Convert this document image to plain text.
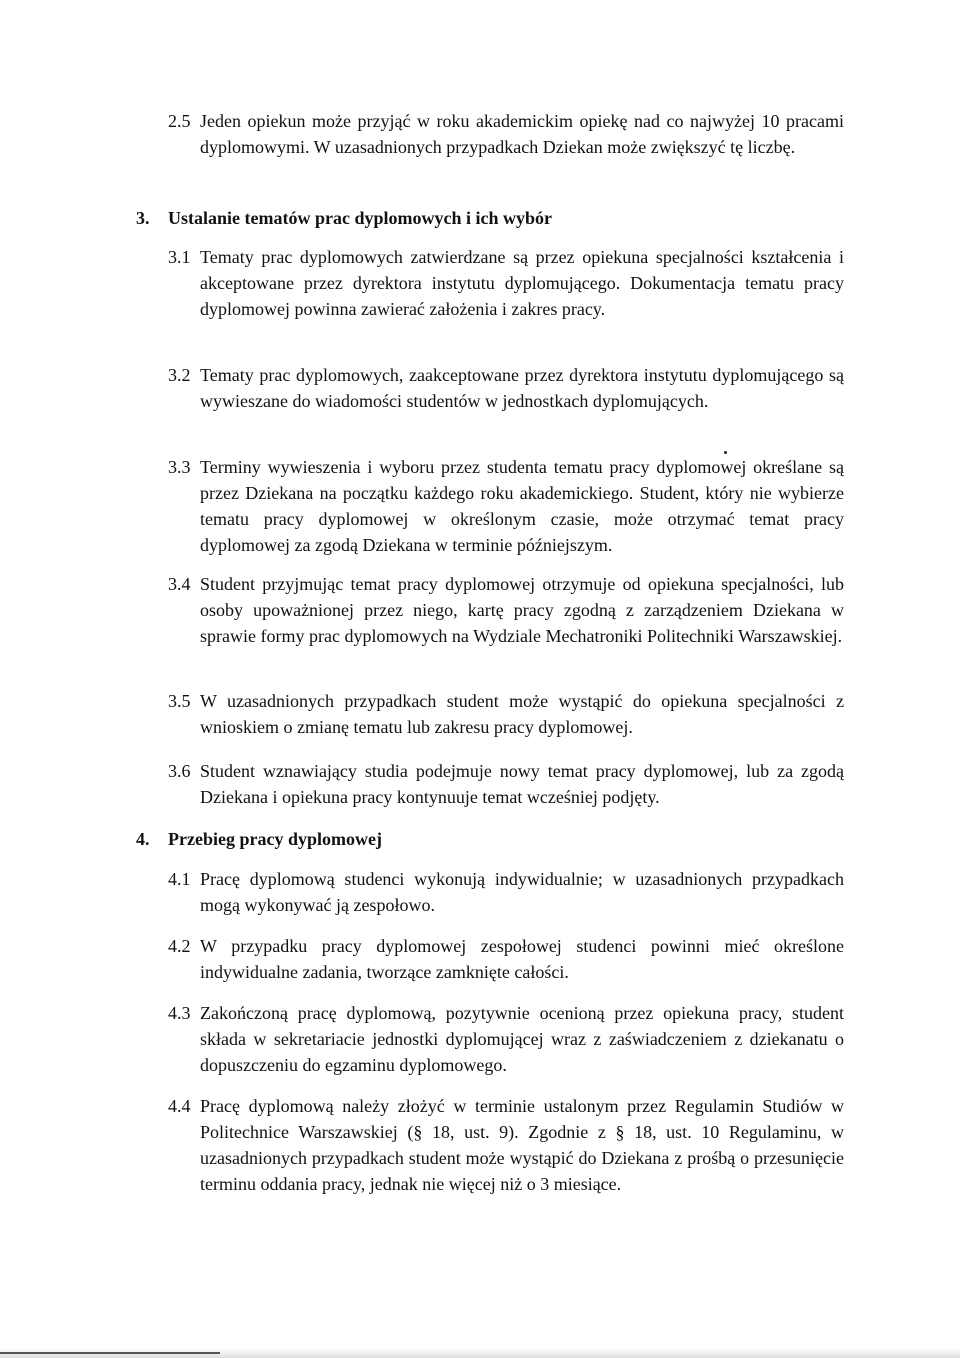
2.5 Jeden opiekun może przyjąć w roku akademickim opiekę nad co najwyżej 10 pracami dyplomowymi. W uzasadnionych przypadkach Dziekan może zwiększyć tę liczbę.

3. Ustalanie tematów prac dyplomowych i ich wybór
3.1 Tematy prac dyplomowych zatwierdzane są przez opiekuna specjalności kształcenia i akceptowane przez dyrektora instytutu dyplomującego. Dokumentacja tematu pracy dyplomowej powinna zawierać założenia i zakres pracy.

3.2 Tematy prac dyplomowych, zaakceptowane przez dyrektora instytutu dyplomującego są wywieszane do wiadomości studentów w jednostkach dyplomujących.

3.3 Terminy wywieszenia i wyboru przez studenta tematu pracy dyplomowej określane są przez Dziekana na początku każdego roku akademickiego. Student, który nie wybierze tematu pracy dyplomowej w określonym czasie, może otrzymać temat pracy dyplomowej za zgodą Dziekana w terminie późniejszym.

3.4 Student przyjmując temat pracy dyplomowej otrzymuje od opiekuna specjalności, lub osoby upoważnionej przez niego, kartę pracy zgodną z zarządzeniem Dziekana w sprawie formy prac dyplomowych na Wydziale Mechatroniki Politechniki Warszawskiej.

3.5 W uzasadnionych przypadkach student może wystąpić do opiekuna specjalności z wnioskiem o zmianę tematu lub zakresu pracy dyplomowej.

3.6 Student wznawiający studia podejmuje nowy temat pracy dyplomowej, lub za zgodą Dziekana i opiekuna pracy kontynuuje temat wcześniej podjęty.

4. Przebieg pracy dyplomowej
4.1 Pracę dyplomową studenci wykonują indywidualnie; w uzasadnionych przypadkach mogą wykonywać ją zespołowo.

4.2 W przypadku pracy dyplomowej zespołowej studenci powinni mieć określone indywidualne zadania, tworzące zamknięte całości.

4.3 Zakończoną pracę dyplomową, pozytywnie ocenioną przez opiekuna pracy, student składa w sekretariacie jednostki dyplomującej wraz z zaświadczeniem z dziekanatu o dopuszczeniu do egzaminu dyplomowego.

4.4 Pracę dyplomową należy złożyć w terminie ustalonym przez Regulamin Studiów w Politechnice Warszawskiej (§ 18, ust. 9). Zgodnie z § 18, ust. 10 Regulaminu, w uzasadnionych przypadkach student może wystąpić do Dziekana z prośbą o przesunięcie terminu oddania pracy, jednak nie więcej niż o 3 miesiące.
